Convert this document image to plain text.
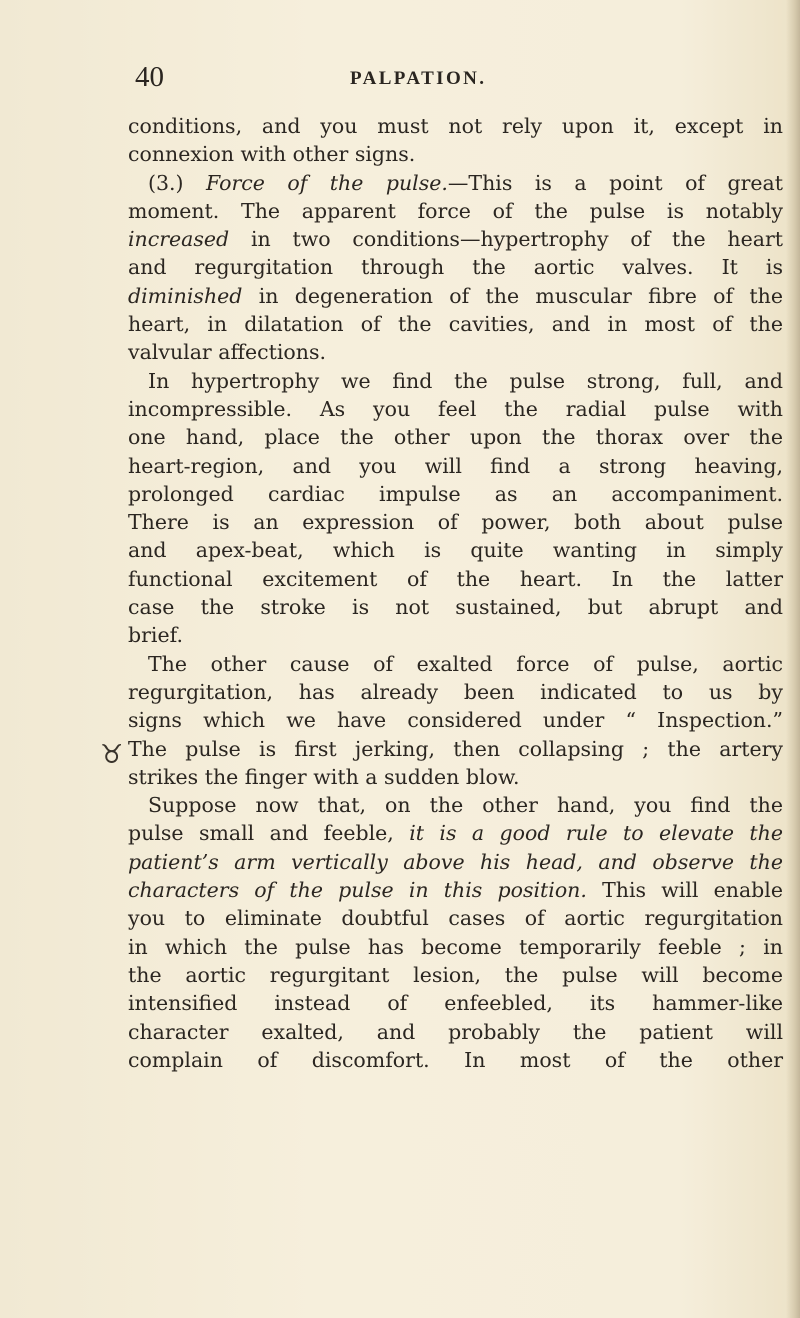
40	PALPATION.
♉
conditions, and you must not rely upon it, except in
connexion with other signs.
(3.) Force of the pulse.—This is a point of great
moment. The apparent force of the pulse is notably
increased in two conditions—hypertrophy of the heart
and regurgitation through the aortic valves. It is
diminished in degeneration of the muscular fibre of the
heart, in dilatation of the cavities, and in most of the
valvular affections.
In hypertrophy we find the pulse strong, full, and
incompressible. As you feel the radial pulse with
one hand, place the other upon the thorax over the
heart-region, and you will find a strong heaving,
prolonged cardiac impulse as an accompaniment.
There is an expression of power, both about pulse
and apex-beat, which is quite wanting in simply
functional excitement of the heart. In the latter
case the stroke is not sustained, but abrupt and
brief.
The other cause of exalted force of pulse, aortic
regurgitation, has already been indicated to us by
signs which we have considered under “ Inspection.”
The pulse is first jerking, then collapsing ; the artery
strikes the finger with a sudden blow.
Suppose now that, on the other hand, you find the
pulse small and feeble, it is a good rule to elevate the
patient’s arm vertically above his head, and observe the
characters of the pulse in this position. This will enable
you to eliminate doubtful cases of aortic regurgitation
in which the pulse has become temporarily feeble ; in
the aortic regurgitant lesion, the pulse will become
intensified instead of enfeebled, its hammer-like
character exalted, and probably the patient will
complain of discomfort. In most of the other
